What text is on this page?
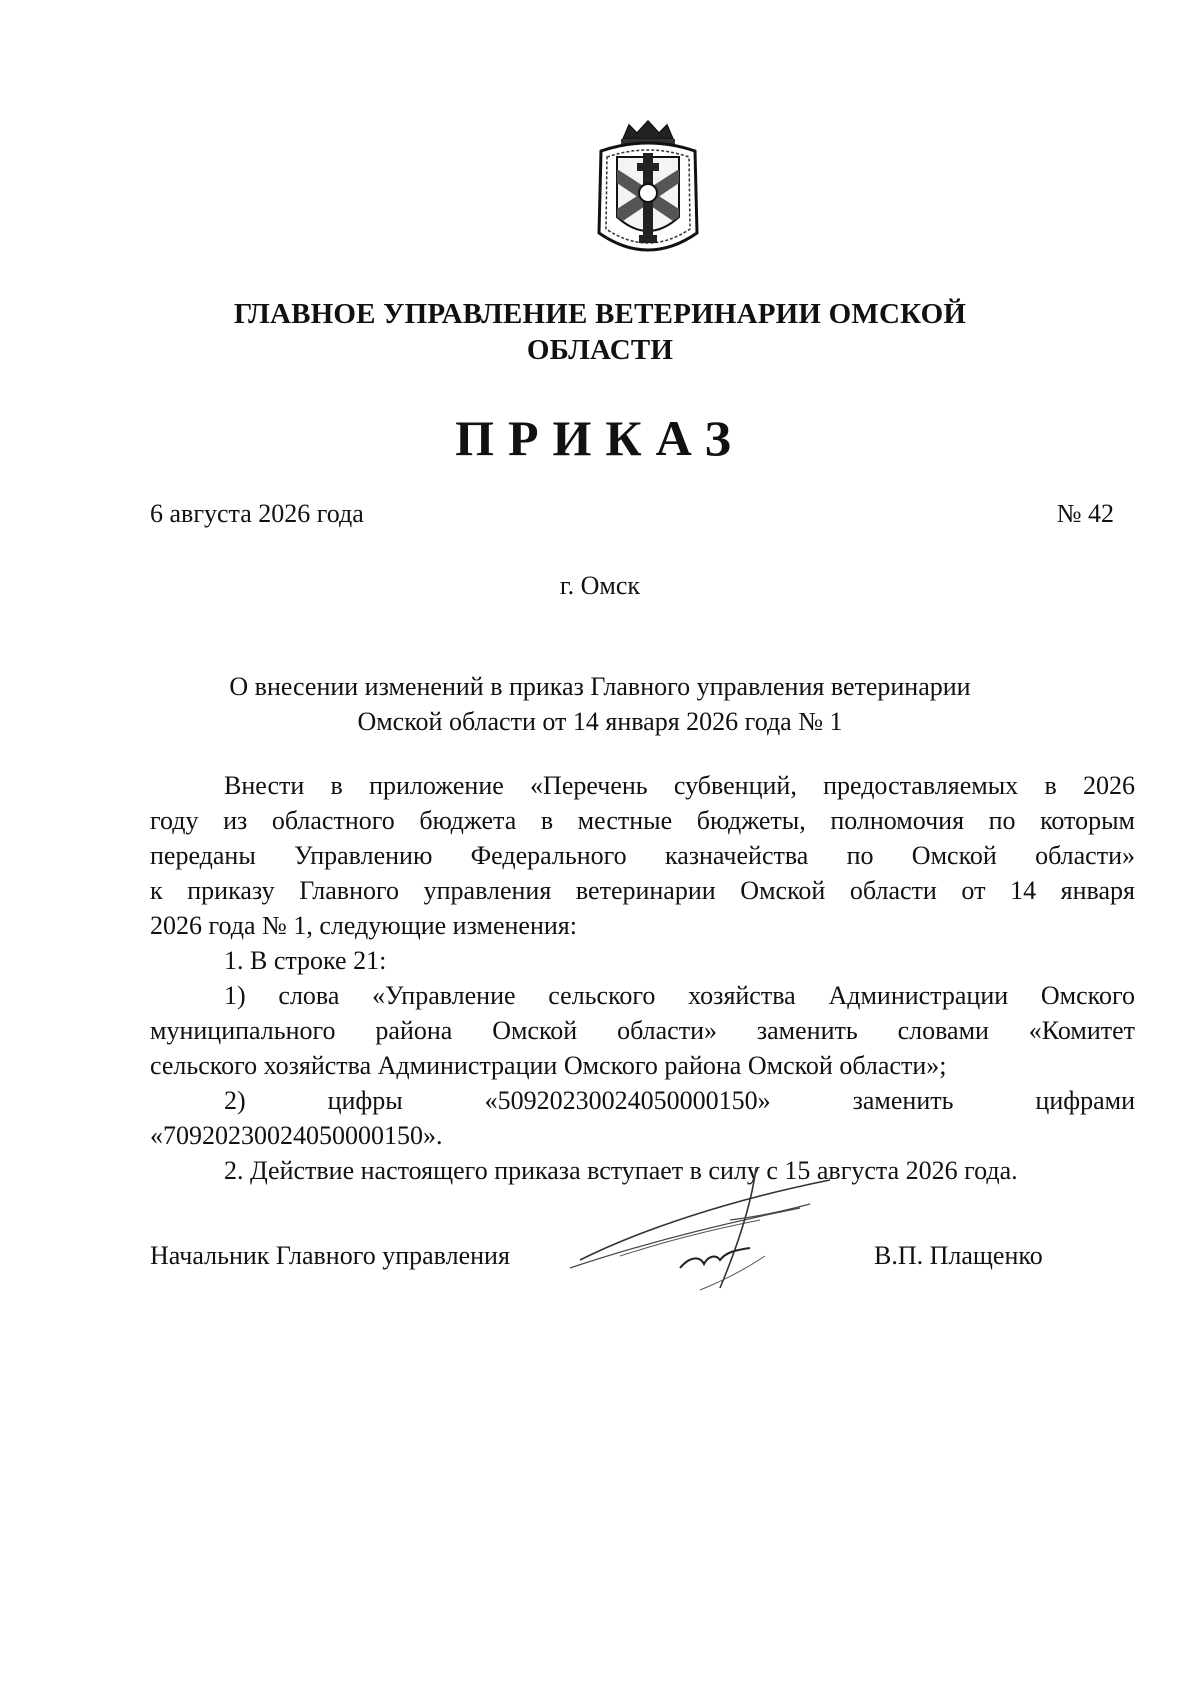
ГЛАВНОЕ УПРАВЛЕНИЕ ВЕТЕРИНАРИИ ОМСКОЙ
ОБЛАСТИ
ПРИКАЗ
6 августа 2026 года	№ 42
г. Омск
О внесении изменений в приказ Главного управления ветеринарии
Омской области от 14 января 2026 года № 1

Внести в приложение «Перечень субвенций, предоставляемых в 2026

году из областного бюджета в местные бюджеты, полномочия по которым

переданы Управлению Федерального казначейства по Омской области»

к приказу Главного управления ветеринарии Омской области от 14 января

2026 года № 1, следующие изменения:

1. В строке 21:

1) слова «Управление сельского хозяйства Администрации Омского

муниципального района Омской области» заменить словами «Комитет

сельского хозяйства Администрации Омского района Омской области»;

2) цифры «50920230024050000150» заменить цифрами

«70920230024050000150».

2. Действие настоящего приказа вступает в силу с 15 августа 2026 года.

Начальник Главного управления	В.П. Плащенко
